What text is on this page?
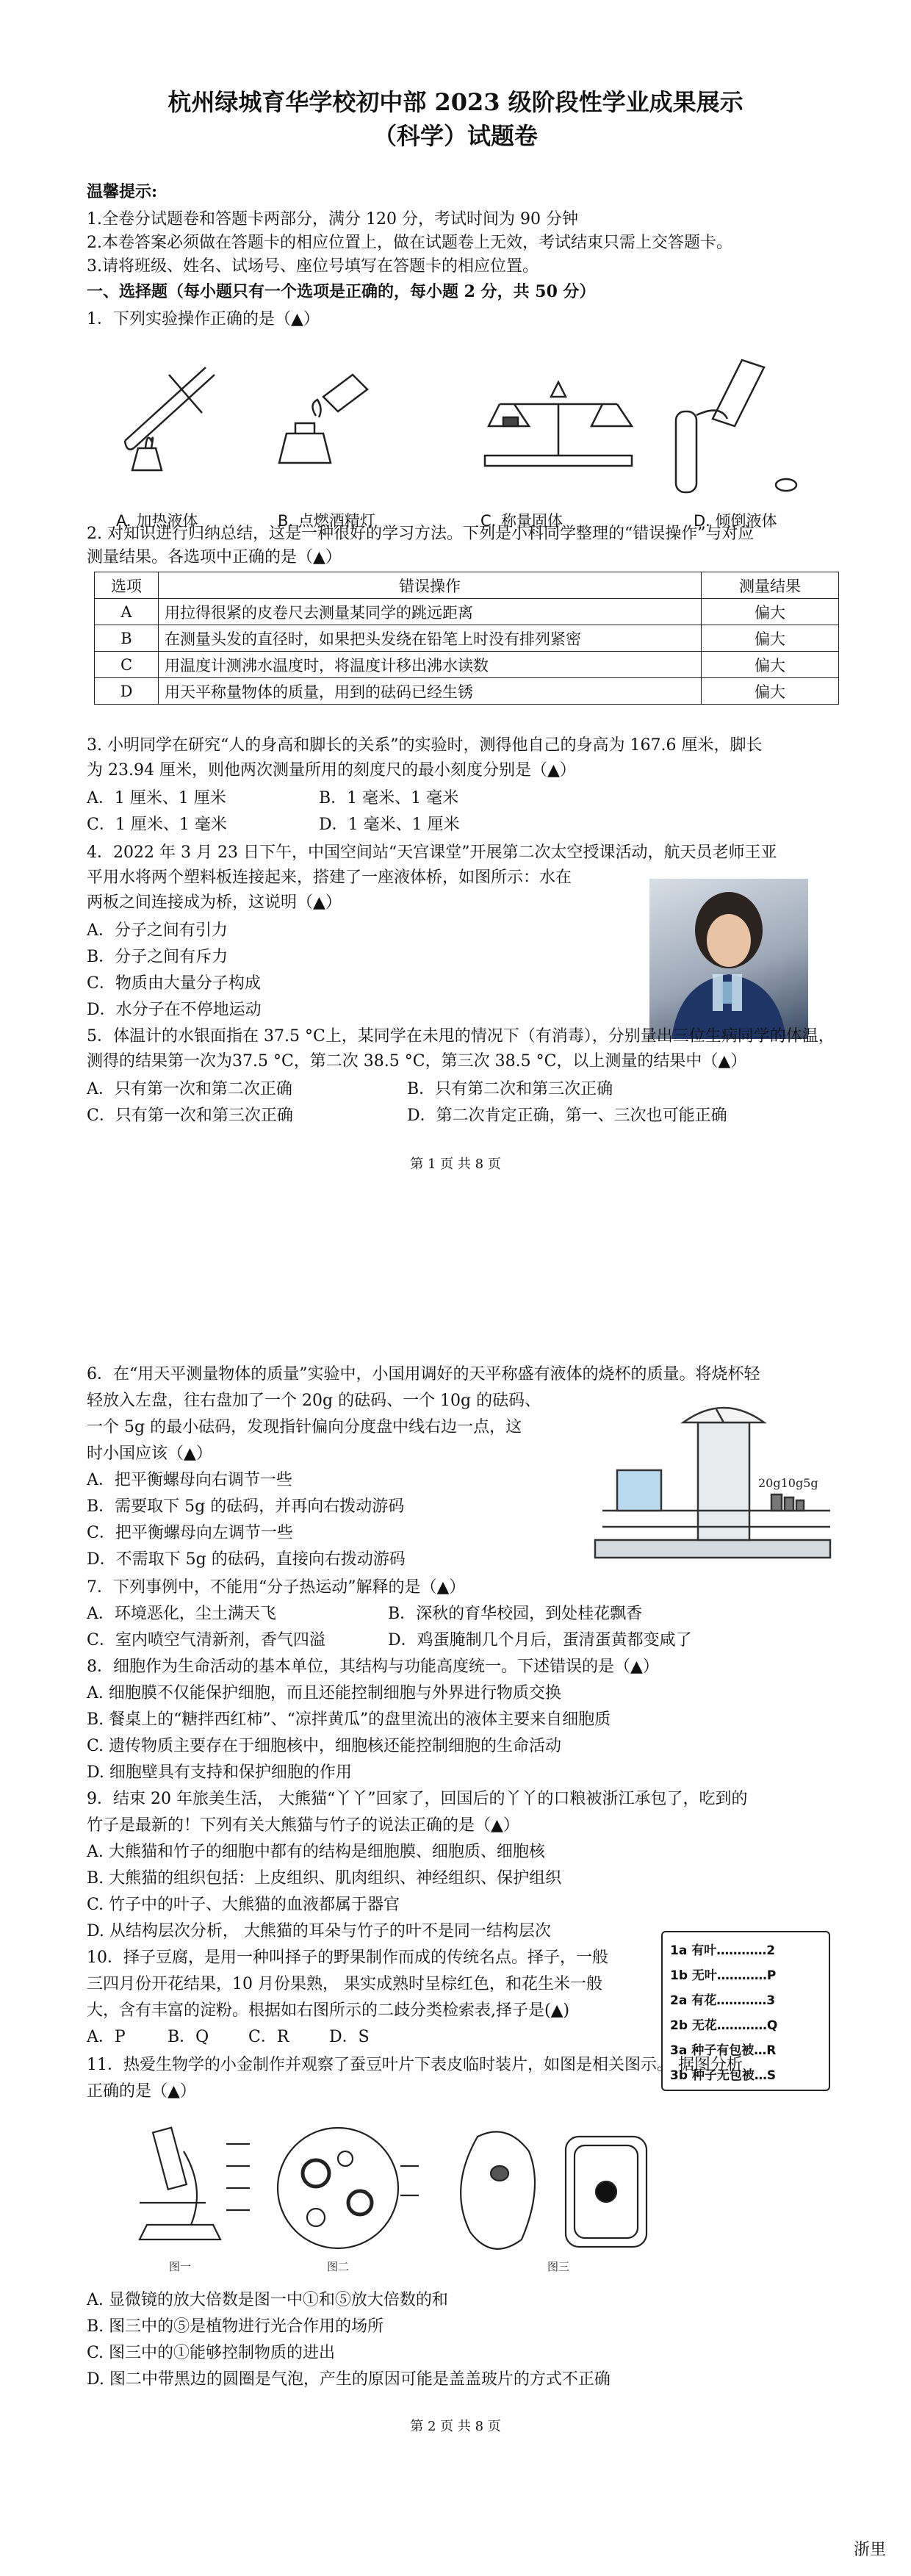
杭州绿城育华学校初中部 2023 级阶段性学业成果展示
（科学）试题卷
温馨提示:
1.全卷分试题卷和答题卡两部分，满分 120 分，考试时间为 90 分钟
2.本卷答案必须做在答题卡的相应位置上，做在试题卷上无效，考试结束只需上交答题卡。
3.请将班级、姓名、试场号、座位号填写在答题卡的相应位置。
一、选择题（每小题只有一个选项是正确的，每小题 2 分，共 50 分）
1．下列实验操作正确的是（▲）
A. 加热液体	B. 点燃酒精灯	C. 称量固体	D. 倾倒液体
2. 对知识进行归纳总结，这是一种很好的学习方法。下列是小科同学整理的“错误操作”与对应
测量结果。各选项中正确的是（▲）
选项	错误操作	测量结果
A	用拉得很紧的皮卷尺去测量某同学的跳远距离	偏大
B	在测量头发的直径时，如果把头发绕在铅笔上时没有排列紧密	偏大
C	用温度计测沸水温度时，将温度计移出沸水读数	偏大
D	用天平称量物体的质量，用到的砝码已经生锈	偏大
3. 小明同学在研究“人的身高和脚长的关系”的实验时，测得他自己的身高为 167.6 厘米，脚长
为 23.94 厘米，则他两次测量所用的刻度尺的最小刻度分别是（▲）
A．1 厘米、1 厘米	B．1 毫米、1 毫米
C．1 厘米、1 毫米	D．1 毫米、1 厘米
4．2022 年 3 月 23 日下午，中国空间站“天宫课堂”开展第二次太空授课活动，航天员老师王亚
平用水将两个塑料板连接起来，搭建了一座液体桥，如图所示：水在
两板之间连接成为桥，这说明（▲）
A．分子之间有引力
B．分子之间有斥力
C．物质由大量分子构成
D．水分子在不停地运动
5．体温计的水银面指在 37.5 °C上，某同学在未甩的情况下（有消毒），分别量出三位生病同学的体温，
测得的结果第一次为37.5 °C，第二次 38.5 °C，第三次 38.5 °C，以上测量的结果中（▲）
A．只有第一次和第二次正确	B．只有第二次和第三次正确
C．只有第一次和第三次正确	D．第二次肯定正确，第一、三次也可能正确
第 1 页 共 8 页
6．在“用天平测量物体的质量”实验中，小国用调好的天平称盛有液体的烧杯的质量。将烧杯轻
轻放入左盘，往右盘加了一个 20g 的砝码、一个 10g 的砝码、
一个 5g 的最小砝码，发现指针偏向分度盘中线右边一点，这
时小国应该（▲）
A．把平衡螺母向右调节一些
B．需要取下 5g 的砝码，并再向右拨动游码
C．把平衡螺母向左调节一些
D．不需取下 5g 的砝码，直接向右拨动游码
20g10g5g
7．下列事例中，不能用“分子热运动”解释的是（▲）
A．环境恶化，尘土满天飞	B．深秋的育华校园，到处桂花飘香
C．室内喷空气清新剂，香气四溢	D．鸡蛋腌制几个月后，蛋清蛋黄都变咸了
8．细胞作为生命活动的基本单位，其结构与功能高度统一。下述错误的是（▲）
A. 细胞膜不仅能保护细胞，而且还能控制细胞与外界进行物质交换
B. 餐桌上的“糖拌西红柿”、“凉拌黄瓜”的盘里流出的液体主要来自细胞质
C. 遗传物质主要存在于细胞核中，细胞核还能控制细胞的生命活动
D. 细胞壁具有支持和保护细胞的作用
9．结束 20 年旅美生活， 大熊猫“丫丫”回家了，回国后的丫丫的口粮被浙江承包了，吃到的
竹子是最新的！下列有关大熊猫与竹子的说法正确的是（▲）
A. 大熊猫和竹子的细胞中都有的结构是细胞膜、细胞质、细胞核
B. 大熊猫的组织包括：上皮组织、肌肉组织、神经组织、保护组织
C. 竹子中的叶子、大熊猫的血液都属于器官
D. 从结构层次分析， 大熊猫的耳朵与竹子的叶不是同一结构层次
10．择子豆腐，是用一种叫择子的野果制作而成的传统名点。择子，一般
三四月份开花结果，10 月份果熟， 果实成熟时呈棕红色，和花生米一般
大，含有丰富的淀粉。根据如右图所示的二歧分类检索表,择子是(▲)
A．P	B．Q C．R D．S
1a 有叶…………2
1b 无叶…………P
2a 有花…………3
2b 无花…………Q
3a 种子有包被…R
3b 种子无包被…S
11．热爱生物学的小金制作并观察了蚕豆叶片下表皮临时装片，如图是相关图示。 据图分析
正确的是（▲）
图一	图二	图三
A. 显微镜的放大倍数是图一中①和⑤放大倍数的和
B. 图三中的⑤是植物进行光合作用的场所
C. 图三中的①能够控制物质的进出
D. 图二中带黑边的圆圈是气泡，产生的原因可能是盖盖玻片的方式不正确
第 2 页 共 8 页
浙里
